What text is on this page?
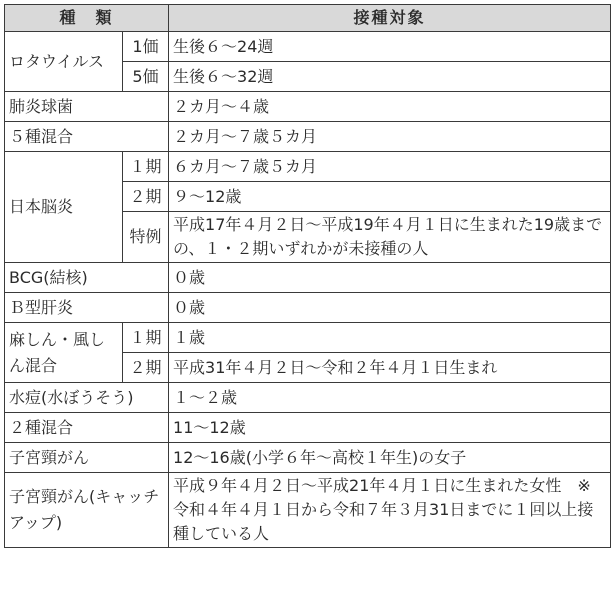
種　類		接種対象
ロタウイルス	1価	生後６～24週
	5価	生後６～32週
肺炎球菌		２カ月～４歳
５種混合		２カ月～７歳５カ月
日本脳炎	１期	６カ月～７歳５カ月
	２期	９～12歳
	特例	平成17年４月２日～平成19年４月１日に生まれた19歳までの、１・２期いずれかが未接種の人
BCG(結核)		０歳
Ｂ型肝炎		０歳
麻しん・風しん混合	１期	１歳
	２期	平成31年４月２日～令和２年４月１日生まれ
水痘(水ぼうそう)		１～２歳
２種混合		11～12歳
子宮頸がん		12～16歳(小学６年～高校１年生)の女子
子宮頸がん(キャッチアップ)		平成９年４月２日～平成21年４月１日に生まれた女性　※令和４年４月１日から令和７年３月31日までに１回以上接種している人
